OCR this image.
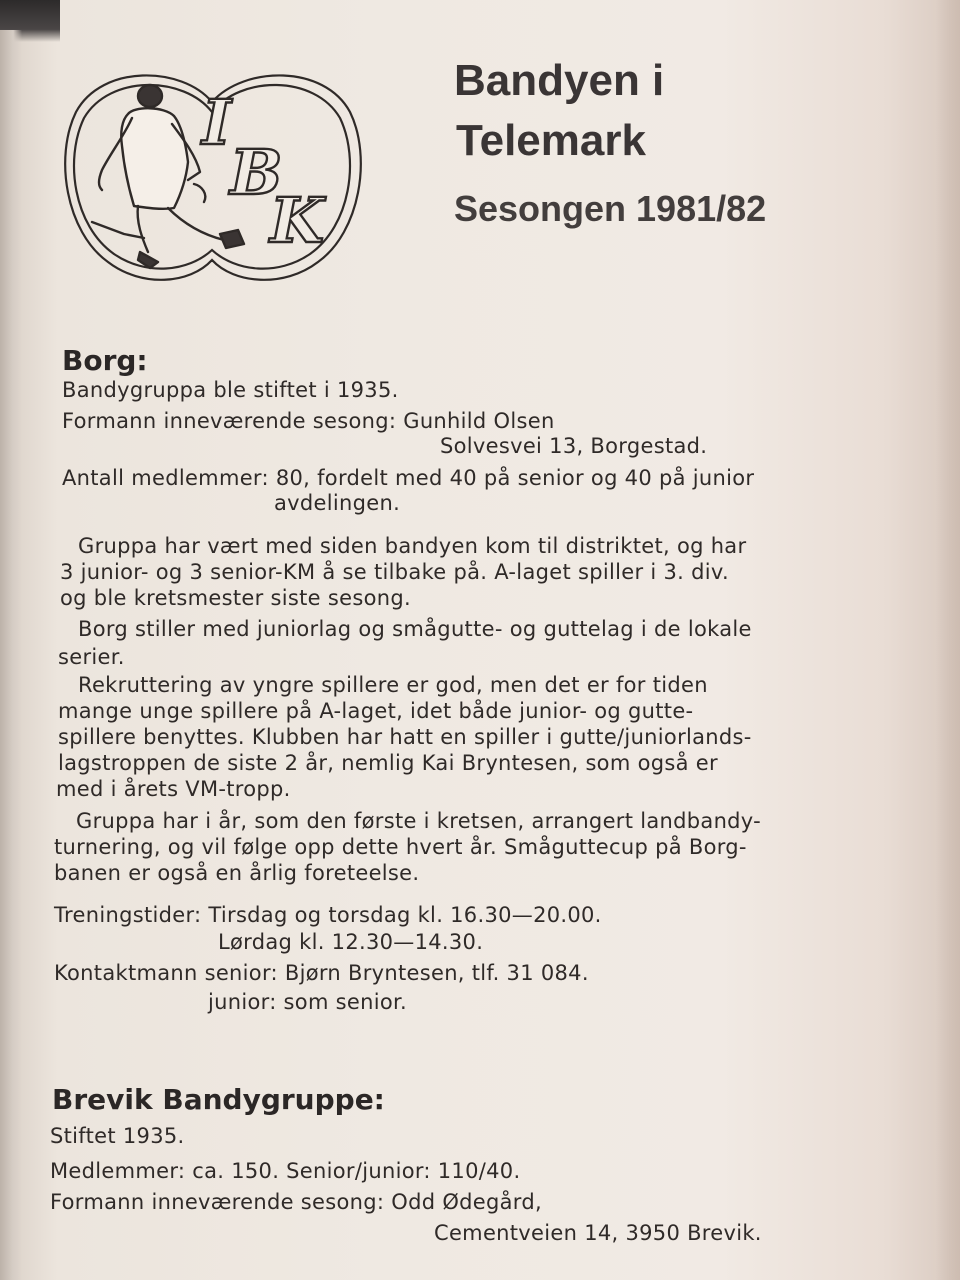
I
B
K
Bandyen i
Telemark
Sesongen 1981/82
Borg:
Bandygruppa ble stiftet i 1935.
Formann inneværende sesong: Gunhild Olsen
Solvesvei 13, Borgestad.
Antall medlemmer: 80, fordelt med 40 på senior og 40 på junior
avdelingen.
Gruppa har vært med siden bandyen kom til distriktet, og har
3 junior- og 3 senior-KM å se tilbake på. A-laget spiller i 3. div.
og ble kretsmester siste sesong.
Borg stiller med juniorlag og smågutte- og guttelag i de lokale
serier.
Rekruttering av yngre spillere er god, men det er for tiden
mange unge spillere på A-laget, idet både junior- og gutte-
spillere benyttes. Klubben har hatt en spiller i gutte/juniorlands-
lagstroppen de siste 2 år, nemlig Kai Bryntesen, som også er
med i årets VM-tropp.
Gruppa har i år, som den første i kretsen, arrangert landbandy-
turnering, og vil følge opp dette hvert år. Småguttecup på Borg-
banen er også en årlig foreteelse.
Treningstider: Tirsdag og torsdag kl. 16.30—20.00.
Lørdag kl. 12.30—14.30.
Kontaktmann senior: Bjørn Bryntesen, tlf. 31 084.
junior: som senior.
Brevik Bandygruppe:
Stiftet 1935.
Medlemmer: ca. 150. Senior/junior: 110/40.
Formann inneværende sesong: Odd Ødegård,
Cementveien 14, 3950 Brevik.
